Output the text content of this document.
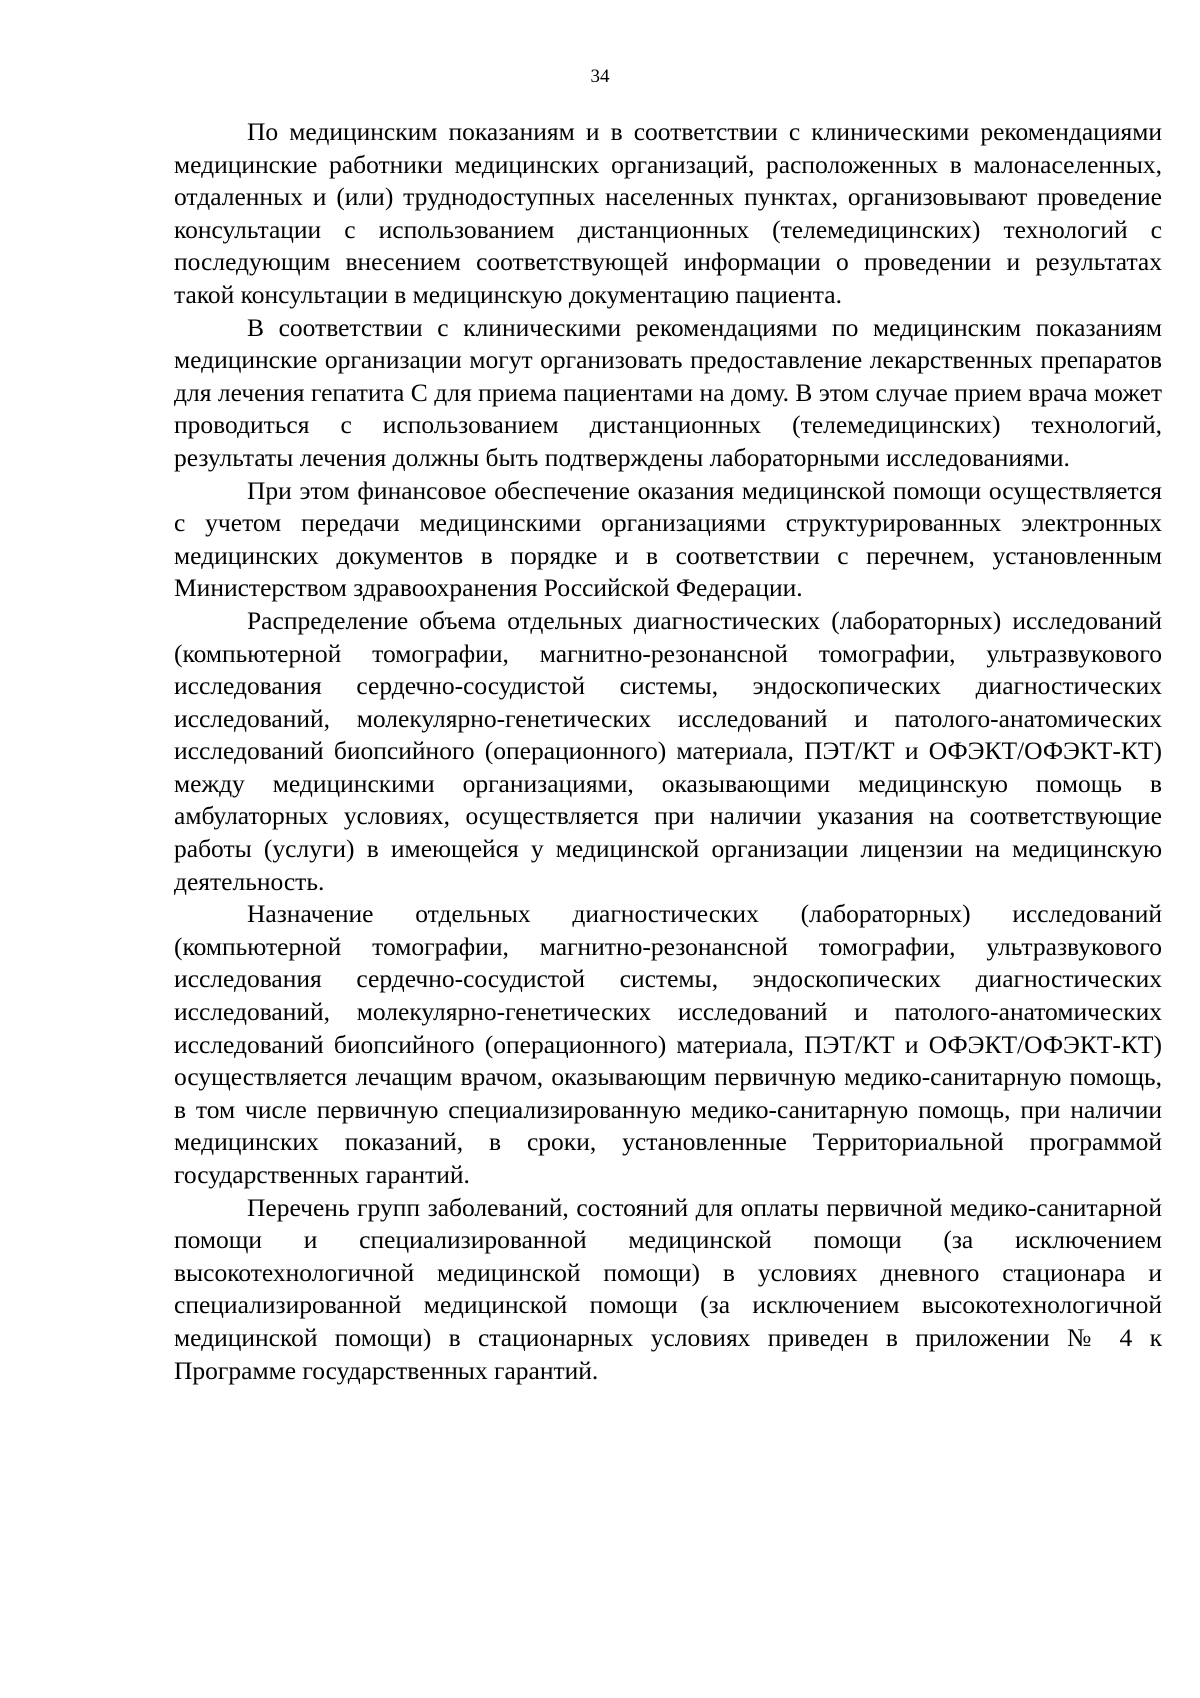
34

По медицинским показаниям и в соответствии с клиническими рекомендациями медицинские работники медицинских организаций, расположенных в малонаселенных, отдаленных и (или) труднодоступных населенных пунктах, организовывают проведение консультации с использованием дистанционных (телемедицинских) технологий с последующим внесением соответствующей информации о проведении и результатах такой консультации в медицинскую документацию пациента.

В соответствии с клиническими рекомендациями по медицинским показаниям медицинские организации могут организовать предоставление лекарственных препаратов для лечения гепатита С для приема пациентами на дому. В этом случае прием врача может проводиться с использованием дистанционных (телемедицинских) технологий, результаты лечения должны быть подтверждены лабораторными исследованиями.

При этом финансовое обеспечение оказания медицинской помощи осуществляется с учетом передачи медицинскими организациями структурированных электронных медицинских документов в порядке и в соответствии с перечнем, установленным Министерством здравоохранения Российской Федерации.

Распределение объема отдельных диагностических (лабораторных) исследований (компьютерной томографии, магнитно-резонансной томографии, ультразвукового исследования сердечно-сосудистой системы, эндоскопических диагностических исследований, молекулярно-генетических исследований и патолого-анатомических исследований биопсийного (операционного) материала, ПЭТ/КТ и ОФЭКТ/ОФЭКТ-КТ) между медицинскими организациями, оказывающими медицинскую помощь в амбулаторных условиях, осуществляется при наличии указания на соответствующие работы (услуги) в имеющейся у медицинской организации лицензии на медицинскую деятельность.

Назначение отдельных диагностических (лабораторных) исследований (компьютерной томографии, магнитно-резонансной томографии, ультразвукового исследования сердечно-сосудистой системы, эндоскопических диагностических исследований, молекулярно-генетических исследований и патолого-анатомических исследований биопсийного (операционного) материала, ПЭТ/КТ и ОФЭКТ/ОФЭКТ-КТ) осуществляется лечащим врачом, оказывающим первичную медико-санитарную помощь, в том числе первичную специализированную медико-санитарную помощь, при наличии медицинских показаний, в сроки, установленные Территориальной программой государственных гарантий.

Перечень групп заболеваний, состояний для оплаты первичной медико-санитарной помощи и специализированной медицинской помощи (за исключением высокотехнологичной медицинской помощи) в условиях дневного стационара и специализированной медицинской помощи (за исключением высокотехнологичной медицинской помощи) в стационарных условиях приведен в приложении № 4 к Программе государственных гарантий.
